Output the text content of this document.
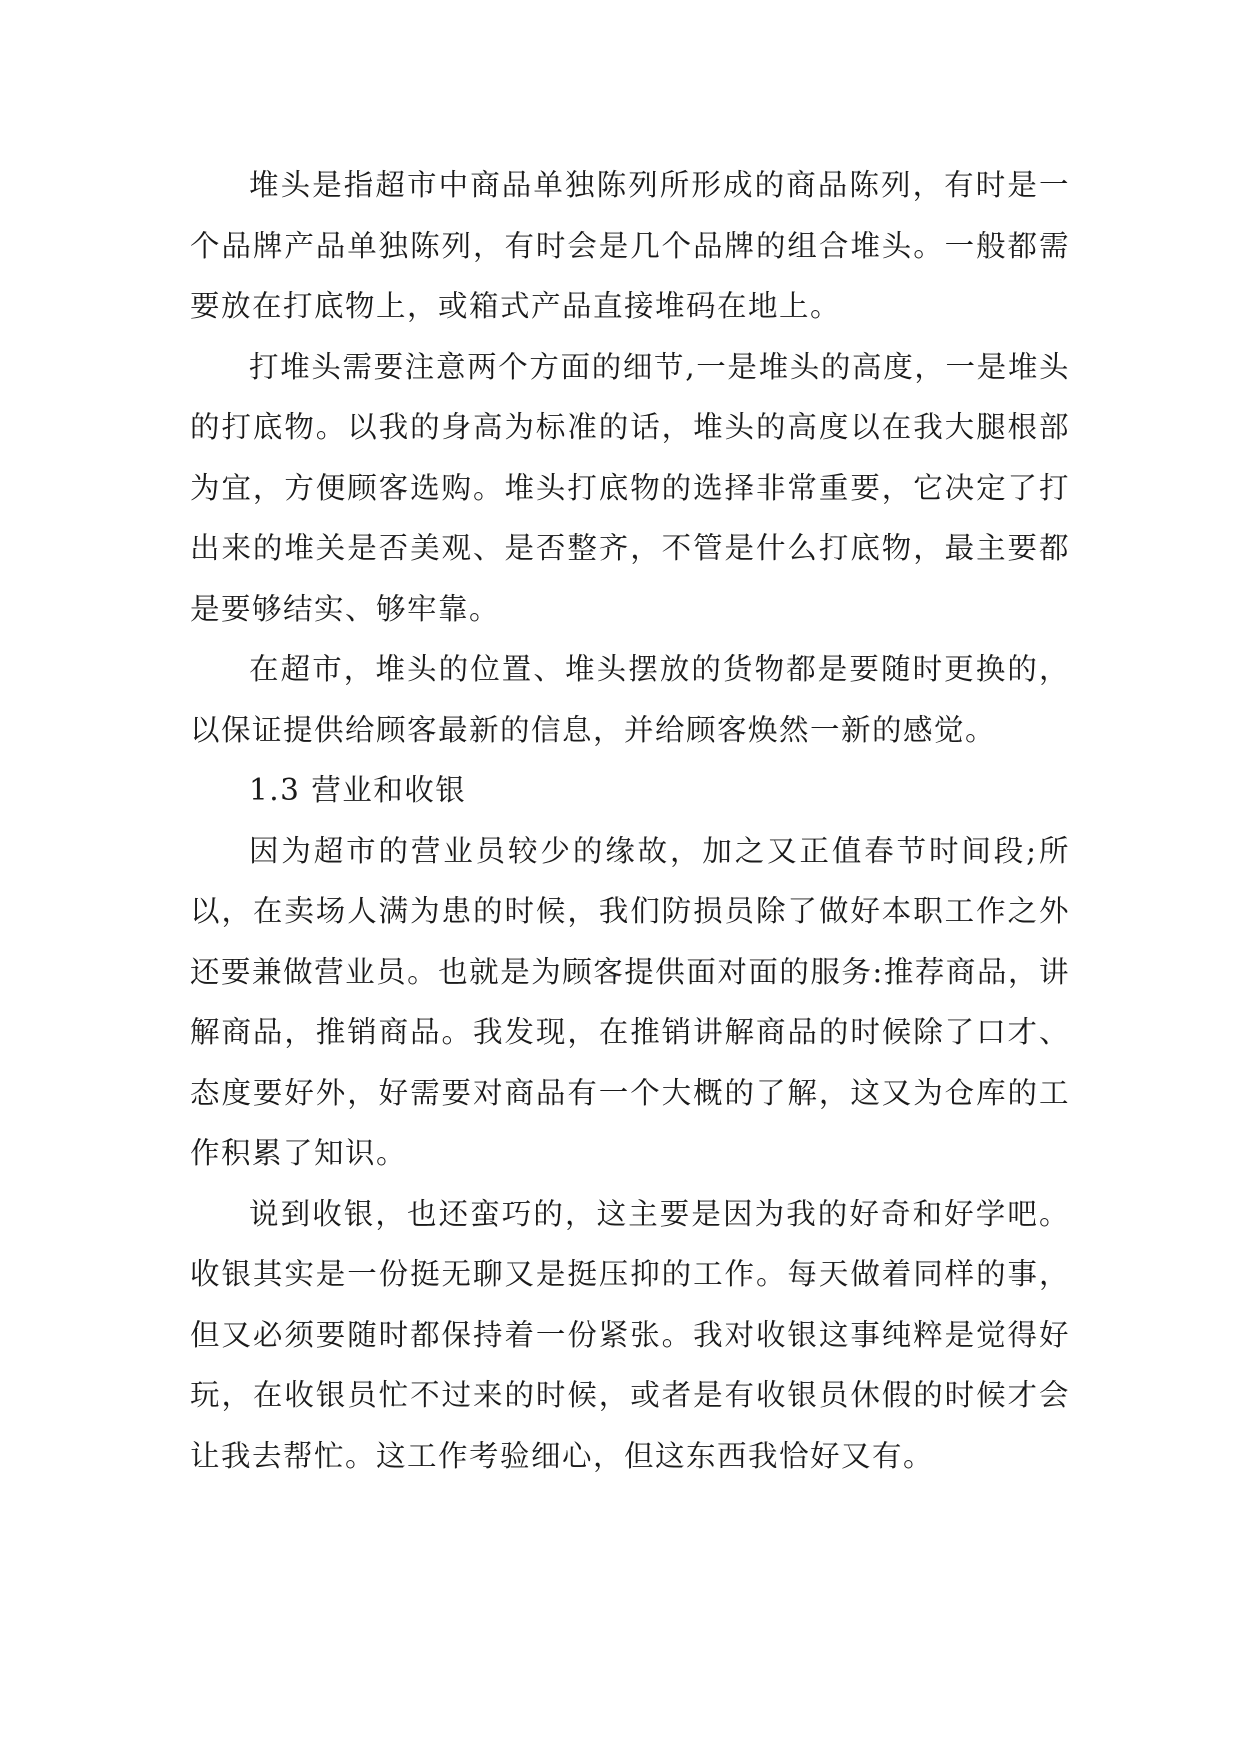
堆头是指超市中商品单独陈列所形成的商品陈列，有时是一个品牌产品单独陈列，有时会是几个品牌的组合堆头。一般都需要放在打底物上，或箱式产品直接堆码在地上。

打堆头需要注意两个方面的细节,一是堆头的高度，一是堆头的打底物。以我的身高为标准的话，堆头的高度以在我大腿根部为宜，方便顾客选购。堆头打底物的选择非常重要，它决定了打出来的堆关是否美观、是否整齐，不管是什么打底物，最主要都是要够结实、够牢靠。

在超市，堆头的位置、堆头摆放的货物都是要随时更换的，以保证提供给顾客最新的信息，并给顾客焕然一新的感觉。

1.3 营业和收银

因为超市的营业员较少的缘故，加之又正值春节时间段;所以，在卖场人满为患的时候，我们防损员除了做好本职工作之外还要兼做营业员。也就是为顾客提供面对面的服务:推荐商品，讲解商品，推销商品。我发现，在推销讲解商品的时候除了口才、态度要好外，好需要对商品有一个大概的了解，这又为仓库的工作积累了知识。

说到收银，也还蛮巧的，这主要是因为我的好奇和好学吧。收银其实是一份挺无聊又是挺压抑的工作。每天做着同样的事，但又必须要随时都保持着一份紧张。我对收银这事纯粹是觉得好玩，在收银员忙不过来的时候，或者是有收银员休假的时候才会让我去帮忙。这工作考验细心，但这东西我恰好又有。
